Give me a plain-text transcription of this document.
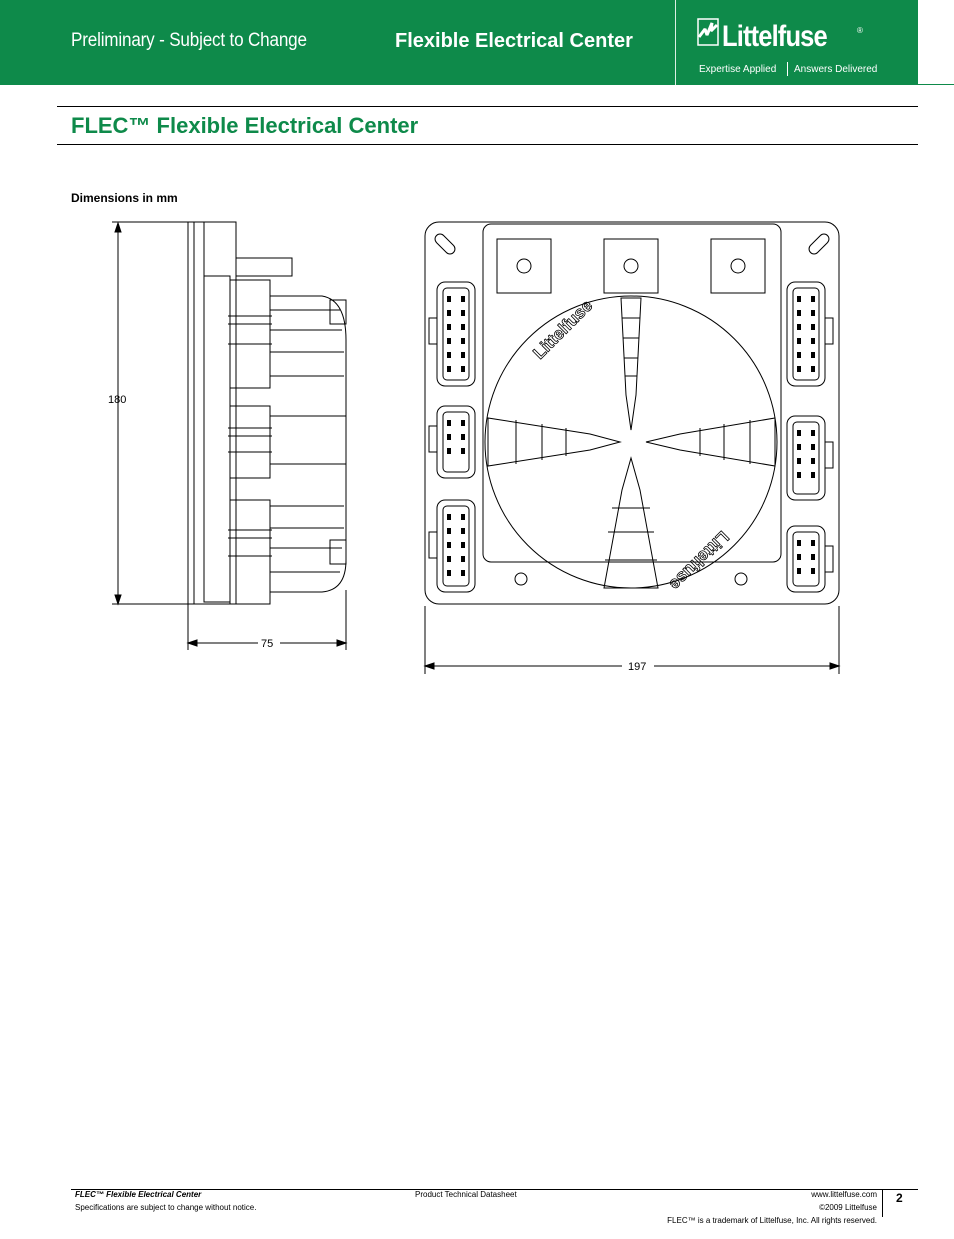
Preliminary - Subject to Change	Flexible Electrical Center	Littelfuse	®
Expertise Applied Answers Delivered
FLEC™ Flexible Electrical Center
Dimensions in mm
180
75
197
Littelfuse
Littelfuse
FLEC™ Flexible Electrical Center
Specifications are subject to change without notice.
Product Technical Datasheet	www.littelfuse.com
©2009 Littelfuse
FLEC™ is a trademark of Littelfuse, Inc. All rights reserved.
2
